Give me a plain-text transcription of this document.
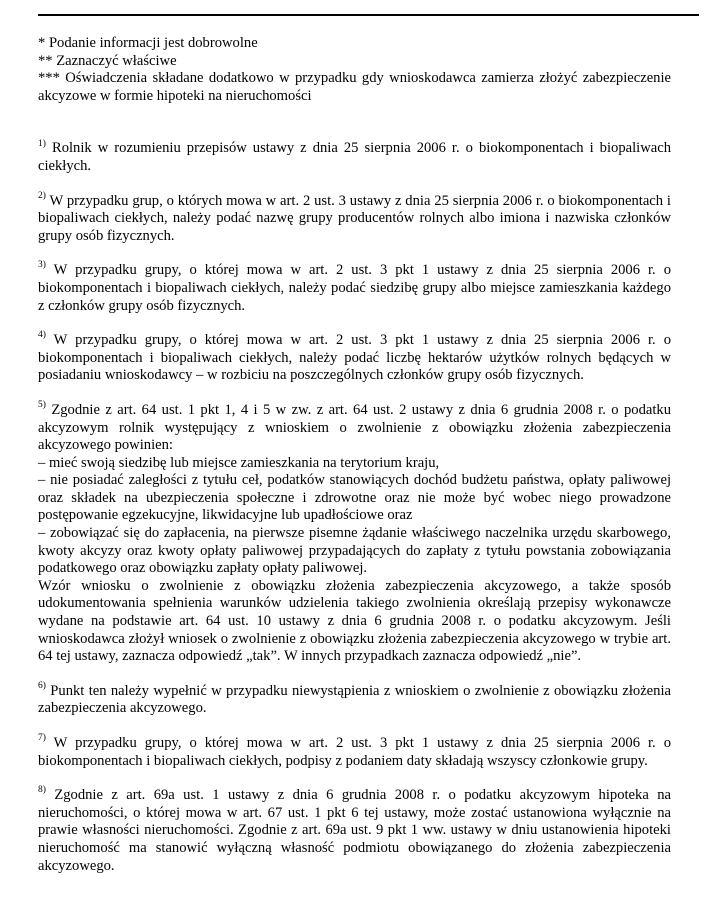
* Podanie informacji jest dobrowolne

** Zaznaczyć właściwe

*** Oświadczenia składane dodatkowo w przypadku gdy wnioskodawca zamierza złożyć zabezpieczenie akcyzowe w formie hipoteki na nieruchomości

$^{1)}$ Rolnik w rozumieniu przepisów ustawy z dnia 25 sierpnia 2006 r. o biokomponentach i biopaliwach ciekłych.

$^{2)}$ W przypadku grup, o których mowa w art. 2 ust. 3 ustawy z dnia 25 sierpnia 2006 r. o biokomponentach i biopaliwach ciekłych, należy podać nazwę grupy producentów rolnych albo imiona i nazwiska członków grupy osób fizycznych.

$^{3)}$ W przypadku grupy, o której mowa w art. 2 ust. 3 pkt 1 ustawy z dnia 25 sierpnia 2006 r. o biokomponentach i biopaliwach ciekłych, należy podać siedzibę grupy albo miejsce zamieszkania każdego z członków grupy osób fizycznych.

$^{4)}$ W przypadku grupy, o której mowa w art. 2 ust. 3 pkt 1 ustawy z dnia 25 sierpnia 2006 r. o biokomponentach i biopaliwach ciekłych, należy podać liczbę hektarów użytków rolnych będących w posiadaniu wnioskodawcy – w rozbiciu na poszczególnych członków grupy osób fizycznych.

$^{5)}$ Zgodnie z art. 64 ust. 1 pkt 1, 4 i 5 w zw. z art. 64 ust. 2 ustawy z dnia 6 grudnia 2008 r. o podatku akcyzowym rolnik występujący z wnioskiem o zwolnienie z obowiązku złożenia zabezpieczenia akcyzowego powinien:
– mieć swoją siedzibę lub miejsce zamieszkania na terytorium kraju,
– nie posiadać zaległości z tytułu ceł, podatków stanowiących dochód budżetu państwa, opłaty paliwowej oraz składek na ubezpieczenia społeczne i zdrowotne oraz nie może być wobec niego prowadzone postępowanie egzekucyjne, likwidacyjne lub upadłościowe oraz
– zobowiązać się do zapłacenia, na pierwsze pisemne żądanie właściwego naczelnika urzędu skarbowego, kwoty akcyzy oraz kwoty opłaty paliwowej przypadających do zapłaty z tytułu powstania zobowiązania podatkowego oraz obowiązku zapłaty opłaty paliwowej.
Wzór wniosku o zwolnienie z obowiązku złożenia zabezpieczenia akcyzowego, a także sposób udokumentowania spełnienia warunków udzielenia takiego zwolnienia określają przepisy wykonawcze wydane na podstawie art. 64 ust. 10 ustawy z dnia 6 grudnia 2008 r. o podatku akcyzowym. Jeśli wnioskodawca złożył wniosek o zwolnienie z obowiązku złożenia zabezpieczenia akcyzowego w trybie art. 64 tej ustawy, zaznacza odpowiedź „tak”. W innych przypadkach zaznacza odpowiedź „nie”.

$^{6)}$ Punkt ten należy wypełnić w przypadku niewystąpienia z wnioskiem o zwolnienie z obowiązku złożenia zabezpieczenia akcyzowego.

$^{7)}$ W przypadku grupy, o której mowa w art. 2 ust. 3 pkt 1 ustawy z dnia 25 sierpnia 2006 r. o biokomponentach i biopaliwach ciekłych, podpisy z podaniem daty składają wszyscy członkowie grupy.

$^{8)}$ Zgodnie z art. 69a ust. 1 ustawy z dnia 6 grudnia 2008 r. o podatku akcyzowym hipoteka na nieruchomości, o której mowa w art. 67 ust. 1 pkt 6 tej ustawy, może zostać ustanowiona wyłącznie na prawie własności nieruchomości. Zgodnie z art. 69a ust. 9 pkt 1 ww. ustawy w dniu ustanowienia hipoteki nieruchomość ma stanowić wyłączną własność podmiotu obowiązanego do złożenia zabezpieczenia akcyzowego.
